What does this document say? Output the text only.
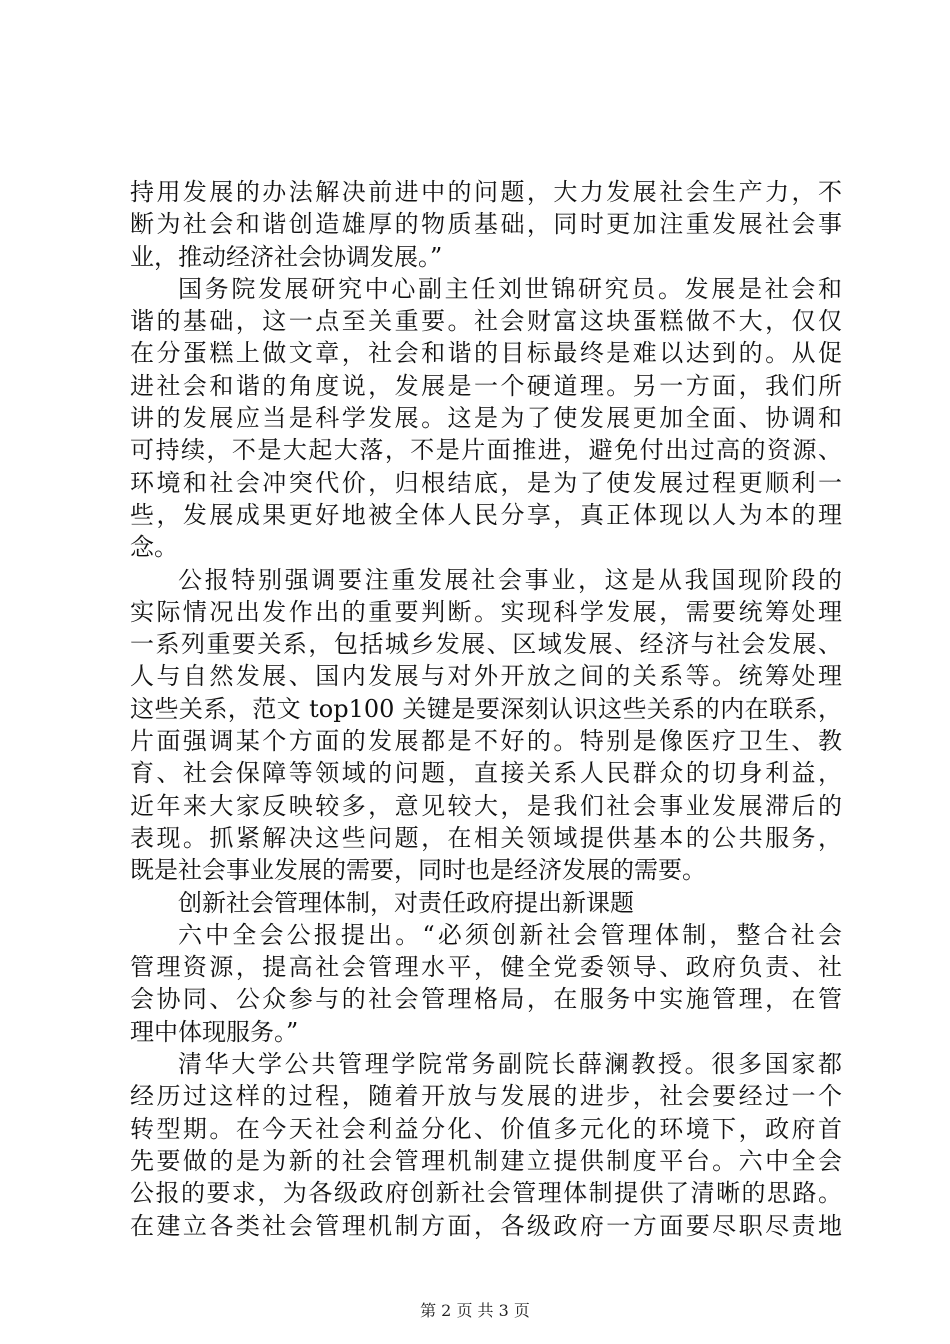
持用发展的办法解决前进中的问题，大力发展社会生产力，不
断为社会和谐创造雄厚的物质基础，同时更加注重发展社会事
业，推动经济社会协调发展。”
国务院发展研究中心副主任刘世锦研究员。发展是社会和
谐的基础，这一点至关重要。社会财富这块蛋糕做不大，仅仅
在分蛋糕上做文章，社会和谐的目标最终是难以达到的。从促
进社会和谐的角度说，发展是一个硬道理。另一方面，我们所
讲的发展应当是科学发展。这是为了使发展更加全面、协调和
可持续，不是大起大落，不是片面推进，避免付出过高的资源、
环境和社会冲突代价，归根结底，是为了使发展过程更顺利一
些，发展成果更好地被全体人民分享，真正体现以人为本的理
念。
公报特别强调要注重发展社会事业，这是从我国现阶段的
实际情况出发作出的重要判断。实现科学发展，需要统筹处理
一系列重要关系，包括城乡发展、区域发展、经济与社会发展、
人与自然发展、国内发展与对外开放之间的关系等。统筹处理
这些关系，范文 top100 关键是要深刻认识这些关系的内在联系，
片面强调某个方面的发展都是不好的。特别是像医疗卫生、教
育、社会保障等领域的问题，直接关系人民群众的切身利益，
近年来大家反映较多，意见较大，是我们社会事业发展滞后的
表现。抓紧解决这些问题，在相关领域提供基本的公共服务，
既是社会事业发展的需要，同时也是经济发展的需要。
创新社会管理体制，对责任政府提出新课题
六中全会公报提出。“必须创新社会管理体制，整合社会
管理资源，提高社会管理水平，健全党委领导、政府负责、社
会协同、公众参与的社会管理格局，在服务中实施管理，在管
理中体现服务。”
清华大学公共管理学院常务副院长薛澜教授。很多国家都
经历过这样的过程，随着开放与发展的进步，社会要经过一个
转型期。在今天社会利益分化、价值多元化的环境下，政府首
先要做的是为新的社会管理机制建立提供制度平台。六中全会
公报的要求，为各级政府创新社会管理体制提供了清晰的思路。
在建立各类社会管理机制方面，各级政府一方面要尽职尽责地
第 2 页 共 3 页
